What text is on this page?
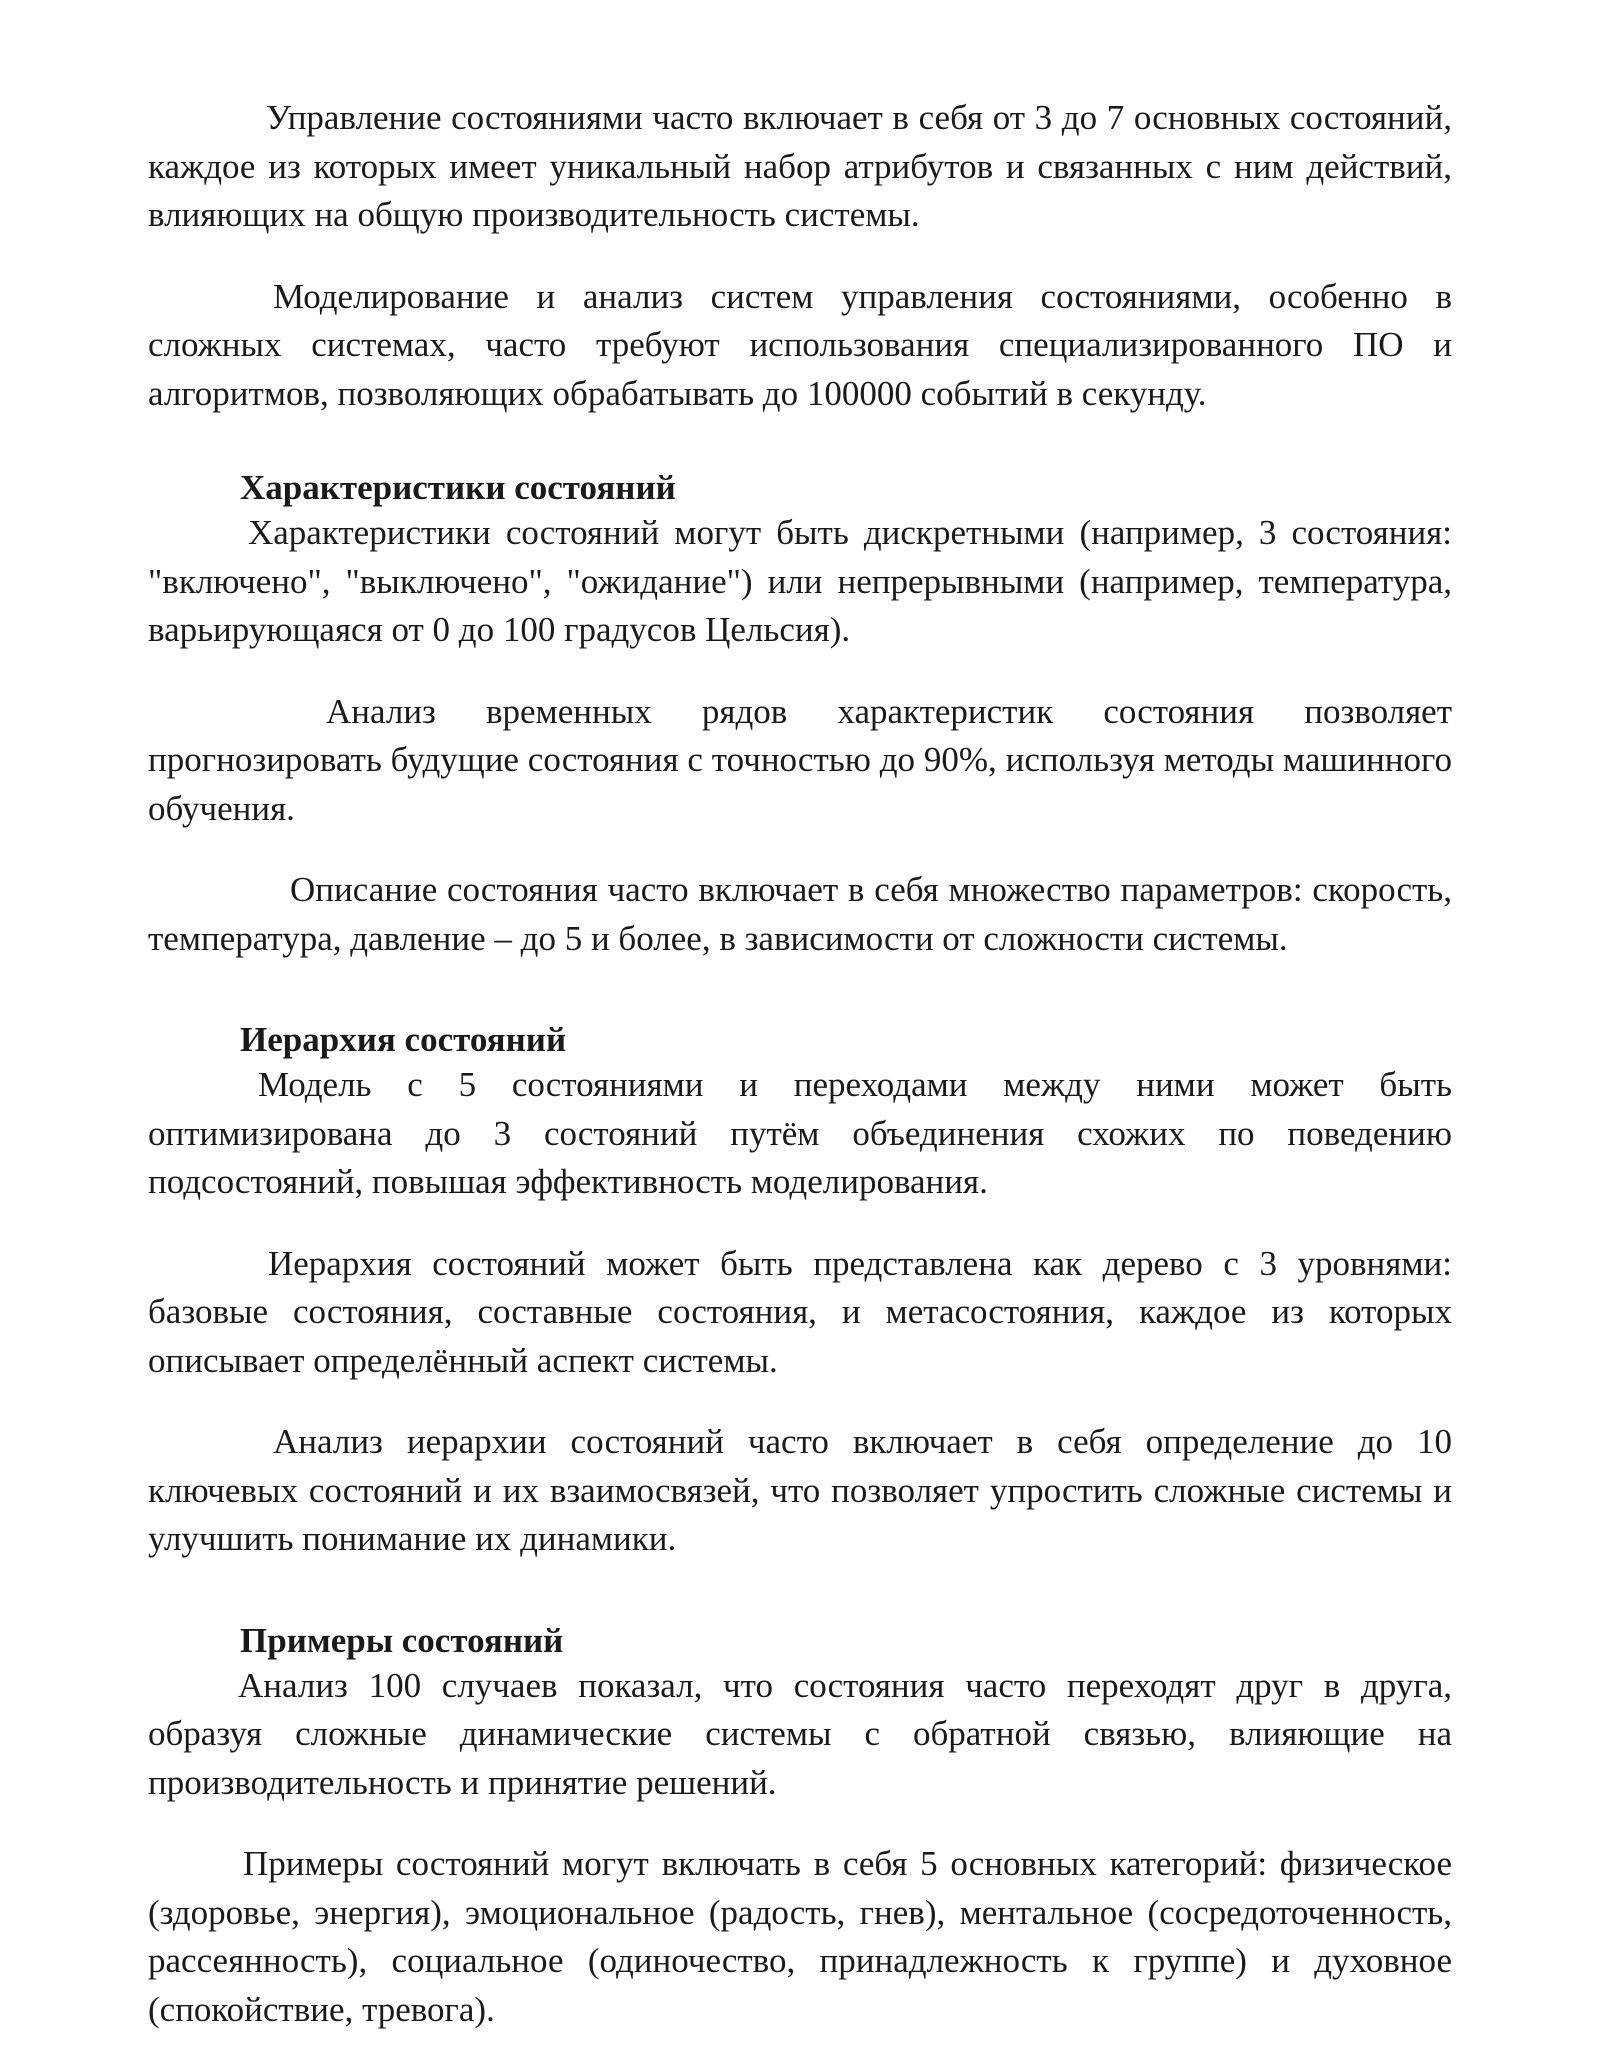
Управление состояниями часто включает в себя от 3 до 7 основных состояний, каждое из которых имеет уникальный набор атрибутов и связанных с ним действий, влияющих на общую производительность системы.

Моделирование и анализ систем управления состояниями, особенно в сложных системах, часто требуют использования специализированного ПО и алгоритмов, позволяющих обрабатывать до 100000 событий в секунду.

Характеристики состояний

Характеристики состояний могут быть дискретными (например, 3 состояния: "включено", "выключено", "ожидание") или непрерывными (например, температура, варьирующаяся от 0 до 100 градусов Цельсия).

Анализ временных рядов характеристик состояния позволяет прогнозировать будущие состояния с точностью до 90%, используя методы машинного обучения.

Описание состояния часто включает в себя множество параметров: скорость, температура, давление – до 5 и более, в зависимости от сложности системы.

Иерархия состояний

Модель с 5 состояниями и переходами между ними может быть оптимизирована до 3 состояний путём объединения схожих по поведению подсостояний, повышая эффективность моделирования.

Иерархия состояний может быть представлена как дерево с 3 уровнями: базовые состояния, составные состояния, и метасостояния, каждое из которых описывает определённый аспект системы.

Анализ иерархии состояний часто включает в себя определение до 10 ключевых состояний и их взаимосвязей, что позволяет упростить сложные системы и улучшить понимание их динамики.

Примеры состояний

Анализ 100 случаев показал, что состояния часто переходят друг в друга, образуя сложные динамические системы с обратной связью, влияющие на производительность и принятие решений.

Примеры состояний могут включать в себя 5 основных категорий: физическое (здоровье, энергия), эмоциональное (радость, гнев), ментальное (сосредоточенность, рассеянность), социальное (одиночество, принадлежность к группе) и духовное (спокойствие, тревога).
